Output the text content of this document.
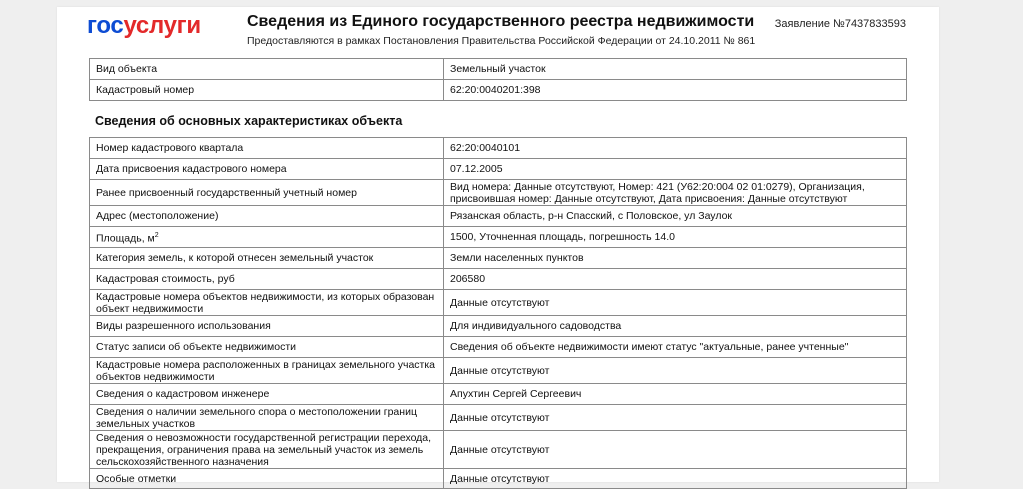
госуслуги	Сведения из Единого государственного реестра недвижимости
Предоставляются в рамках Постановления Правительства Российской Федерации от 24.10.2011 № 861
Заявление №7437833593
Вид объекта	Земельный участок
Кадастровый номер	62:20:0040201:398
Сведения об основных характеристиках объекта
Номер кадастрового квартала	62:20:0040101
Дата присвоения кадастрового номера	07.12.2005
Ранее присвоенный государственный учетный номер	Вид номера: Данные отсутствуют, Номер: 421 (У62:20:004 02 01:0279), Организация, присвоившая номер: Данные отсутствуют, Дата присвоения: Данные отсутствуют
Адрес (местоположение)	Рязанская область, р-н Спасский, с Половское, ул Заулок
Площадь, $м^2$	1500, Уточненная площадь, погрешность 14.0
Категория земель, к которой отнесен земельный участок	Земли населенных пунктов
Кадастровая стоимость, руб	206580
Кадастровые номера объектов недвижимости, из которых образован объект недвижимости	Данные отсутствуют
Виды разрешенного использования	Для индивидуального садоводства
Статус записи об объекте недвижимости	Сведения об объекте недвижимости имеют статус "актуальные, ранее учтенные"
Кадастровые номера расположенных в границах земельного участка объектов недвижимости	Данные отсутствуют
Сведения о кадастровом инженере	Апухтин Сергей Сергеевич
Сведения о наличии земельного спора о местоположении границ земельных участков	Данные отсутствуют
Сведения о невозможности государственной регистрации перехода, прекращения, ограничения права на земельный участок из земель сельскохозяйственного назначения	Данные отсутствуют
Особые отметки	Данные отсутствуют
